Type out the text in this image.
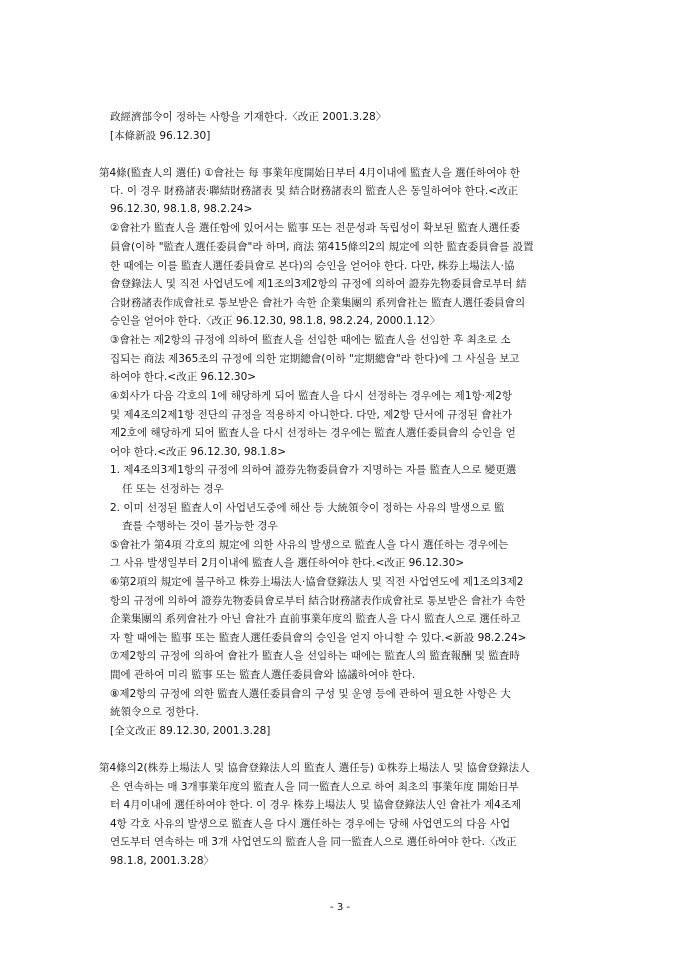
政經濟部令이 정하는 사항을 기재한다.〈改正 2001.3.28〉
[本條新設 96.12.30]
第4條(監査人의 選任) ①會社는 每 事業年度開始日부터 4月이내에 監査人을 選任하여야 한
다. 이 경우 財務諸表·聯結財務諸表 및 結合財務諸表의 監査人은 동일하여야 한다.<改正
96.12.30, 98.1.8, 98.2.24>
②會社가 監査人을 選任함에 있어서는 監事 또는 전문성과 독립성이 확보된 監査人選任委
員會(이하 "監査人選任委員會"라 하며, 商法 第415條의2의 規定에 의한 監査委員會를 設置
한 때에는 이를 監査人選任委員會로 본다)의 승인을 얻어야 한다. 다만, 株券上場法人·協
會登錄法人 및 직전 사업년도에 제1조의3제2항의 규정에 의하여 證券先物委員會로부터 結
合財務諸表作成會社로 통보받은 會社가 속한 企業集團의 系列會社는 監査人選任委員會의
승인을 얻어야 한다.〈改正 96.12.30, 98.1.8, 98.2.24, 2000.1.12〉
③會社는 제2항의 규정에 의하여 監査人을 선임한 때에는 監査人을 선임한 후 최초로 소
집되는 商法 제365조의 규정에 의한 定期總會(이하 "定期總會"라 한다)에 그 사실을 보고
하여야 한다.<改正 96.12.30>
④회사가 다음 각호의 1에 해당하게 되어 監査人을 다시 선정하는 경우에는 제1항·제2항
및 제4조의2제1항 전단의 규정을 적용하지 아니한다. 다만, 제2항 단서에 규정된 會社가
제2호에 해당하게 되어 監査人을 다시 선정하는 경우에는 監査人選任委員會의 승인을 얻
어야 한다.<改正 96.12.30, 98.1.8>
1. 제4조의3제1항의 규정에 의하여 證券先物委員會가 지명하는 자를 監査人으로 變更選
任 또는 선정하는 경우
2. 이미 선정된 監査人이 사업년도중에 해산 등 大統領令이 정하는 사유의 발생으로 監
査를 수행하는 것이 불가능한 경우
⑤會社가 第4項 각호의 規定에 의한 사유의 발생으로 監査人을 다시 選任하는 경우에는
그 사유 발생일부터 2月이내에 監査人을 選任하여야 한다.<改正 96.12.30>
⑥第2項의 規定에 불구하고 株券上場法人·協會登錄法人 및 직전 사업연도에 제1조의3제2
항의 규정에 의하여 證券先物委員會로부터 結合財務諸表作成會社로 통보받은 會社가 속한
企業集團의 系列會社가 아닌 會社가 直前事業年度의 監査人을 다시 監査人으로 選任하고
자 할 때에는 監事 또는 監査人選任委員會의 승인을 얻지 아니할 수 있다.<新設 98.2.24>
⑦제2항의 규정에 의하여 會社가 監査人을 선임하는 때에는 監査人의 監査報酬 및 監査時
間에 관하여 미리 監事 또는 監査人選任委員會와 協議하여야 한다.
⑧제2항의 규정에 의한 監査人選任委員會의 구성 및 운영 등에 관하여 필요한 사항은 大
統領令으로 정한다.
[全文改正 89.12.30, 2001.3.28]
第4條의2(株券上場法人 및 協會登錄法人의 監査人 選任등) ①株券上場法人 및 協會登錄法人
은 연속하는 매 3개事業年度의 監査人을 同一監査人으로 하여 최초의 事業年度 開始日부
터 4月이내에 選任하여야 한다. 이 경우 株券上場法人 및 協會登錄法人인 會社가 제4조제
4항 각호 사유의 발생으로 監査人을 다시 選任하는 경우에는 당해 사업연도의 다음 사업
연도부터 연속하는 매 3개 사업연도의 監査人을 同一監査人으로 選任하여야 한다.〈改正
98.1.8, 2001.3.28〉
- 3 -
